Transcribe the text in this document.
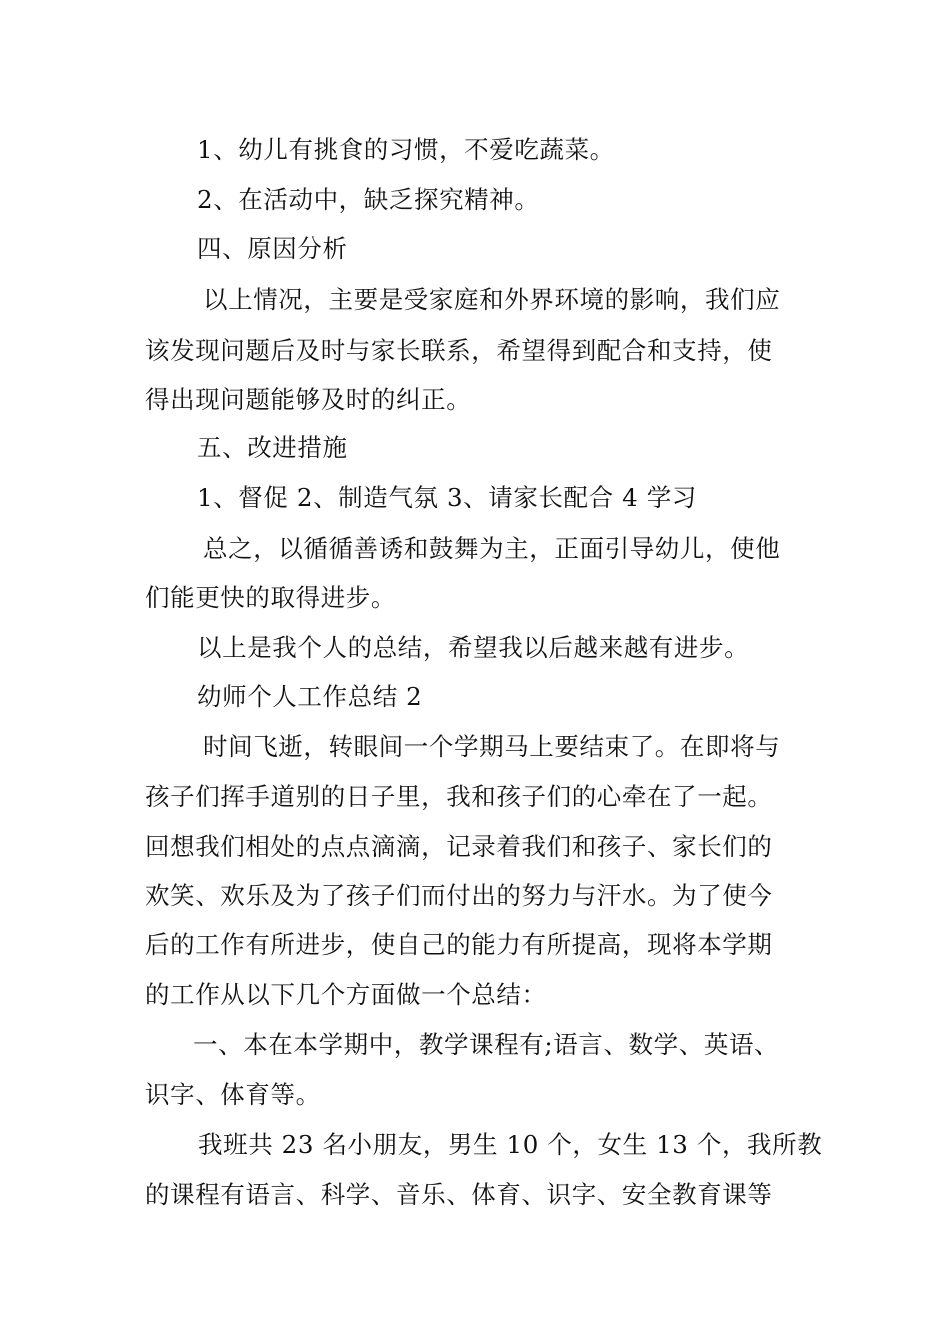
1、幼儿有挑食的习惯，不爱吃蔬菜。
2、在活动中，缺乏探究精神。
四、原因分析
以上情况，主要是受家庭和外界环境的影响，我们应
该发现问题后及时与家长联系，希望得到配合和支持，使
得出现问题能够及时的纠正。
五、改进措施
1、督促 2、制造气氛 3、请家长配合 4 学习
总之，以循循善诱和鼓舞为主，正面引导幼儿，使他
们能更快的取得进步。
以上是我个人的总结，希望我以后越来越有进步。
幼师个人工作总结 2
时间飞逝，转眼间一个学期马上要结束了。在即将与
孩子们挥手道别的日子里，我和孩子们的心牵在了一起。
回想我们相处的点点滴滴，记录着我们和孩子、家长们的
欢笑、欢乐及为了孩子们而付出的努力与汗水。为了使今
后的工作有所进步，使自己的能力有所提高，现将本学期
的工作从以下几个方面做一个总结：
一、本在本学期中，教学课程有;语言、数学、英语、
识字、体育等。
我班共 23 名小朋友，男生 10 个，女生 13 个，我所教
的课程有语言、科学、音乐、体育、识字、安全教育课等
